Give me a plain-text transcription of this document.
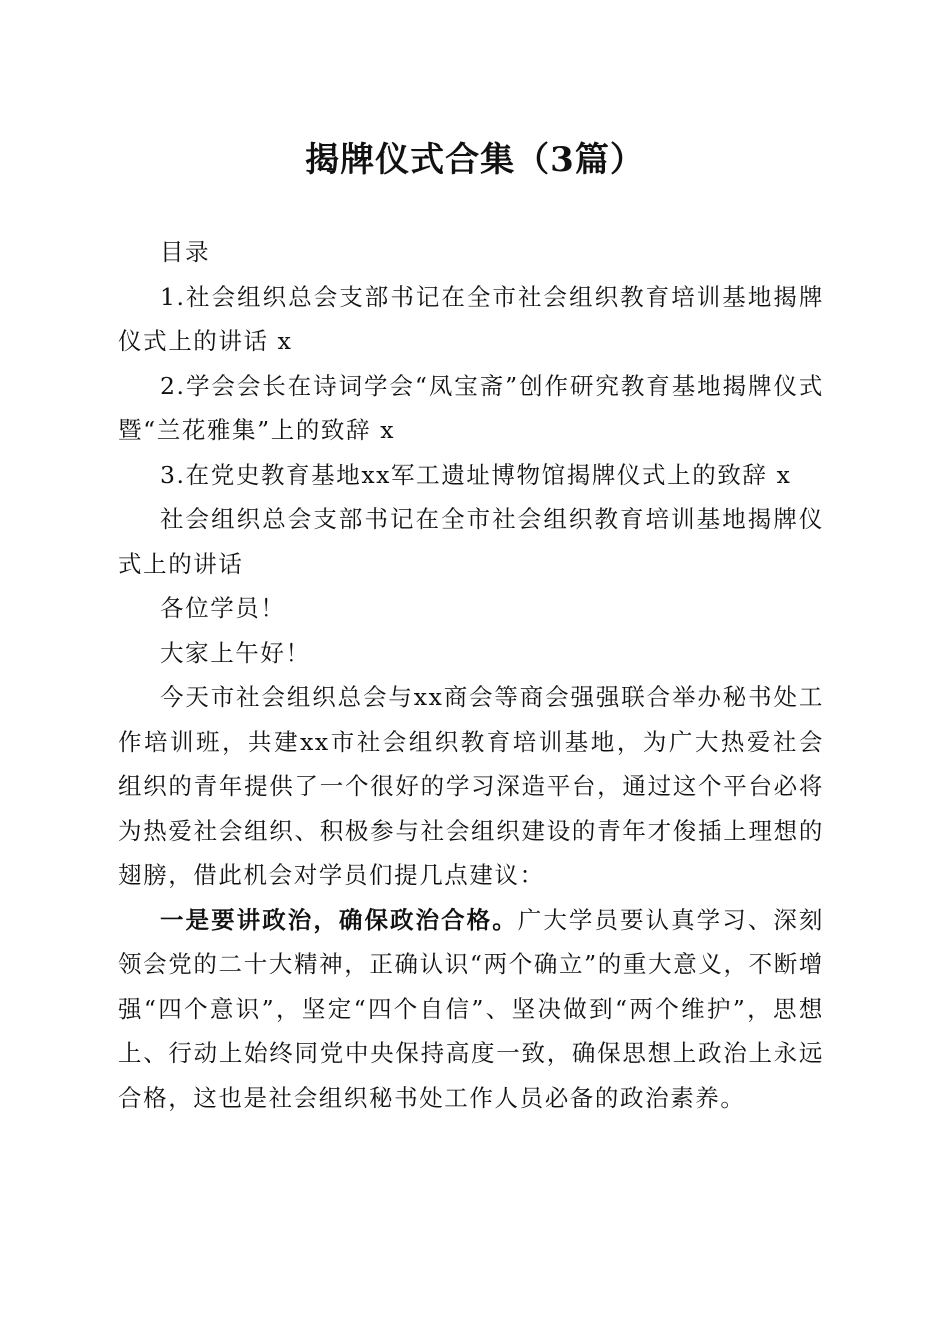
揭牌仪式合集（3篇）

目录

1.社会组织总会支部书记在全市社会组织教育培训基地揭牌仪式上的讲话 x

2.学会会长在诗词学会“凤宝斋”创作研究教育基地揭牌仪式暨“兰花雅集”上的致辞 x

3.在党史教育基地xx军工遗址博物馆揭牌仪式上的致辞 x

社会组织总会支部书记在全市社会组织教育培训基地揭牌仪式上的讲话

各位学员！

大家上午好！

今天市社会组织总会与xx商会等商会强强联合举办秘书处工作培训班，共建xx市社会组织教育培训基地，为广大热爱社会组织的青年提供了一个很好的学习深造平台，通过这个平台必将为热爱社会组织、积极参与社会组织建设的青年才俊插上理想的翅膀，借此机会对学员们提几点建议：

一是要讲政治，确保政治合格。广大学员要认真学习、深刻领会党的二十大精神，正确认识“两个确立”的重大意义，不断增强“四个意识”，坚定“四个自信”、坚决做到“两个维护”，思想上、行动上始终同党中央保持高度一致，确保思想上政治上永远合格，这也是社会组织秘书处工作人员必备的政治素养。
